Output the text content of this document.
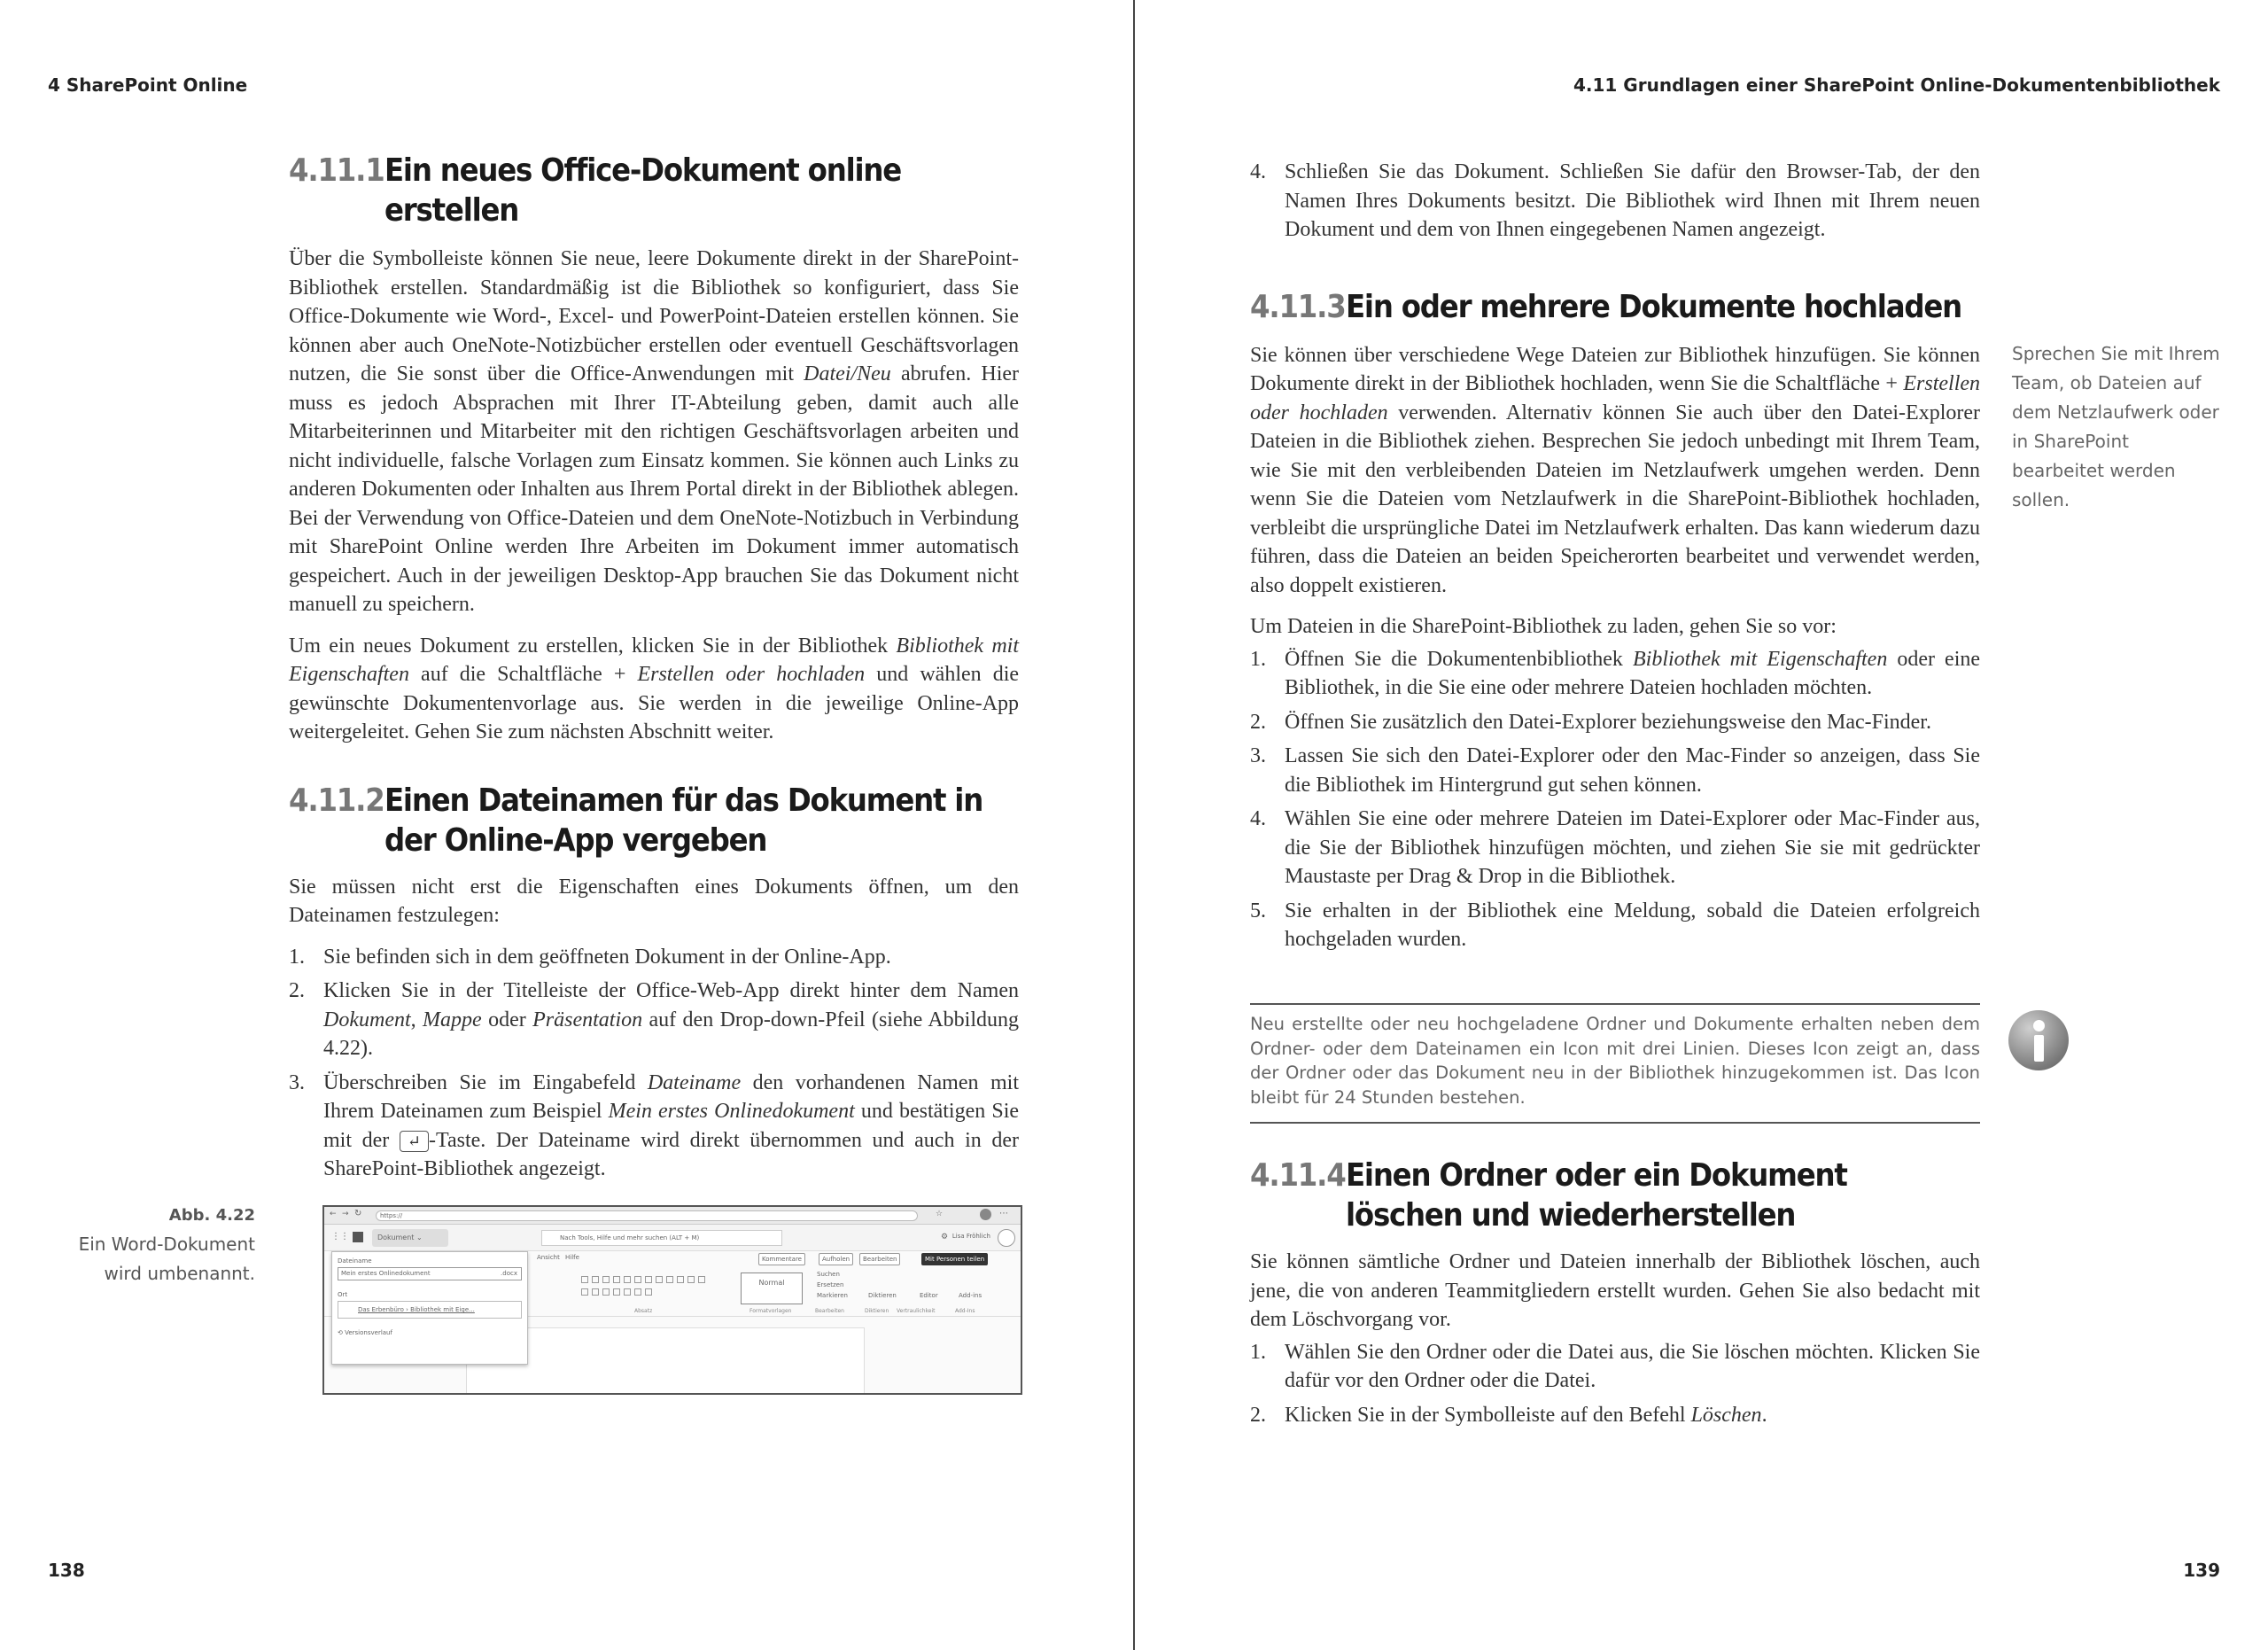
4 SharePoint Online
4.11.1 Ein neues Office-Dokument online erstellen

Über die Symbolleiste können Sie neue, leere Dokumente direkt in der SharePoint-Bibliothek erstellen. Standardmäßig ist die Bibliothek so konfiguriert, dass Sie Office-Dokumente wie Word-, Excel- und PowerPoint-Dateien erstellen können. Sie können aber auch OneNote-Notizbücher erstellen oder eventuell Geschäftsvorlagen nutzen, die Sie sonst über die Office-Anwendungen mit Datei/Neu abrufen. Hier muss es jedoch Absprachen mit Ihrer IT-Abteilung geben, damit auch alle Mitarbeiterinnen und Mitarbeiter mit den richtigen Geschäftsvorlagen arbeiten und nicht individuelle, falsche Vorlagen zum Einsatz kommen. Sie können auch Links zu anderen Dokumenten oder Inhalten aus Ihrem Portal direkt in der Bibliothek ablegen. Bei der Verwendung von Office-Dateien und dem OneNote-Notizbuch in Verbindung mit SharePoint Online werden Ihre Arbeiten im Dokument immer automatisch gespeichert. Auch in der jeweiligen Desktop-App brauchen Sie das Dokument nicht manuell zu speichern.

Um ein neues Dokument zu erstellen, klicken Sie in der Bibliothek Bibliothek mit Eigenschaften auf die Schaltfläche + Erstellen oder hochladen und wählen die gewünschte Dokumentenvorlage aus. Sie werden in die jeweilige Online-App weitergeleitet. Gehen Sie zum nächsten Abschnitt weiter.

4.11.2 Einen Dateinamen für das Dokument in der Online-App vergeben

Sie müssen nicht erst die Eigenschaften eines Dokuments öffnen, um den Dateinamen festzulegen:

1. Sie befinden sich in dem geöffneten Dokument in der Online-App.
2. Klicken Sie in der Titelleiste der Office-Web-App direkt hinter dem Namen Dokument, Mappe oder Präsentation auf den Drop-down-Pfeil (siehe Abbildung 4.22).
3. Überschreiben Sie im Eingabefeld Dateiname den vorhandenen Namen mit Ihrem Dateinamen zum Beispiel Mein erstes Onlinedokument und bestätigen Sie mit der ↵ -Taste. Der Dateiname wird direkt übernommen und auch in der SharePoint-Bibliothek angezeigt.
Abb. 4.22
Ein Word-Dokument wird umbenannt.
← → ↻	https://	☆	⋯
⋮⋮	Dokument ⌄	Nach Tools, Hilfe und mehr suchen (ALT + M)	⚙ Lisa Fröhlich
Ansicht Hilfe	Kommentare	Aufholen	Bearbeiten	Mit Personen teilen
Normal
Suchen
Ersetzen
Markieren	Diktieren	Editor	Add-ins
Absatz	Formatvorlagen	Bearbeiten	Diktieren Vertraulichkeit	Add-Ins
Dateiname
Mein erstes Onlinedokument	.docx
Ort
Das Erbenbüro › Bibliothek mit Eige...
⟲ Versionsverlauf
138
4.11 Grundlagen einer SharePoint Online-Dokumentenbibliothek
4. Schließen Sie das Dokument. Schließen Sie dafür den Browser-Tab, der den Namen Ihres Dokuments besitzt. Die Bibliothek wird Ihnen mit Ihrem neuen Dokument und dem von Ihnen eingegebenen Namen angezeigt.
4.11.3 Ein oder mehrere Dokumente hochladen

Sie können über verschiedene Wege Dateien zur Bibliothek hinzufügen. Sie können Dokumente direkt in der Bibliothek hochladen, wenn Sie die Schaltfläche + Erstellen oder hochladen verwenden. Alternativ können Sie auch über den Datei-Explorer Dateien in die Bibliothek ziehen. Besprechen Sie jedoch unbedingt mit Ihrem Team, wie Sie mit den verbleibenden Dateien im Netzlaufwerk umgehen werden. Denn wenn Sie die Dateien vom Netzlaufwerk in die SharePoint-Bibliothek hochladen, verbleibt die ursprüngliche Datei im Netzlaufwerk erhalten. Das kann wiederum dazu führen, dass die Dateien an beiden Speicherorten bearbeitet und verwendet werden, also doppelt existieren.

Um Dateien in die SharePoint-Bibliothek zu laden, gehen Sie so vor:

1. Öffnen Sie die Dokumentenbibliothek Bibliothek mit Eigenschaften oder eine Bibliothek, in die Sie eine oder mehrere Dateien hochladen möchten.
2. Öffnen Sie zusätzlich den Datei-Explorer beziehungsweise den Mac-Finder.
3. Lassen Sie sich den Datei-Explorer oder den Mac-Finder so anzeigen, dass Sie die Bibliothek im Hintergrund gut sehen können.
4. Wählen Sie eine oder mehrere Dateien im Datei-Explorer oder Mac-Finder aus, die Sie der Bibliothek hinzufügen möchten, und ziehen Sie sie mit gedrückter Maustaste per Drag & Drop in die Bibliothek.
5. Sie erhalten in der Bibliothek eine Meldung, sobald die Dateien erfolgreich hochgeladen wurden.
Sprechen Sie mit Ihrem Team, ob Dateien auf dem Netzlaufwerk oder in SharePoint bearbeitet werden sollen.
Neu erstellte oder neu hochgeladene Ordner und Dokumente erhalten neben dem Ordner- oder dem Dateinamen ein Icon mit drei Linien. Dieses Icon zeigt an, dass der Ordner oder das Dokument neu in der Bibliothek hinzugekommen ist. Das Icon bleibt für 24 Stunden bestehen.
4.11.4 Einen Ordner oder ein Dokument löschen und wiederherstellen

Sie können sämtliche Ordner und Dateien innerhalb der Bibliothek löschen, auch jene, die von anderen Teammitgliedern erstellt wurden. Gehen Sie also bedacht mit dem Löschvorgang vor.

1. Wählen Sie den Ordner oder die Datei aus, die Sie löschen möchten. Klicken Sie dafür vor den Ordner oder die Datei.
2. Klicken Sie in der Symbolleiste auf den Befehl Löschen.
139
